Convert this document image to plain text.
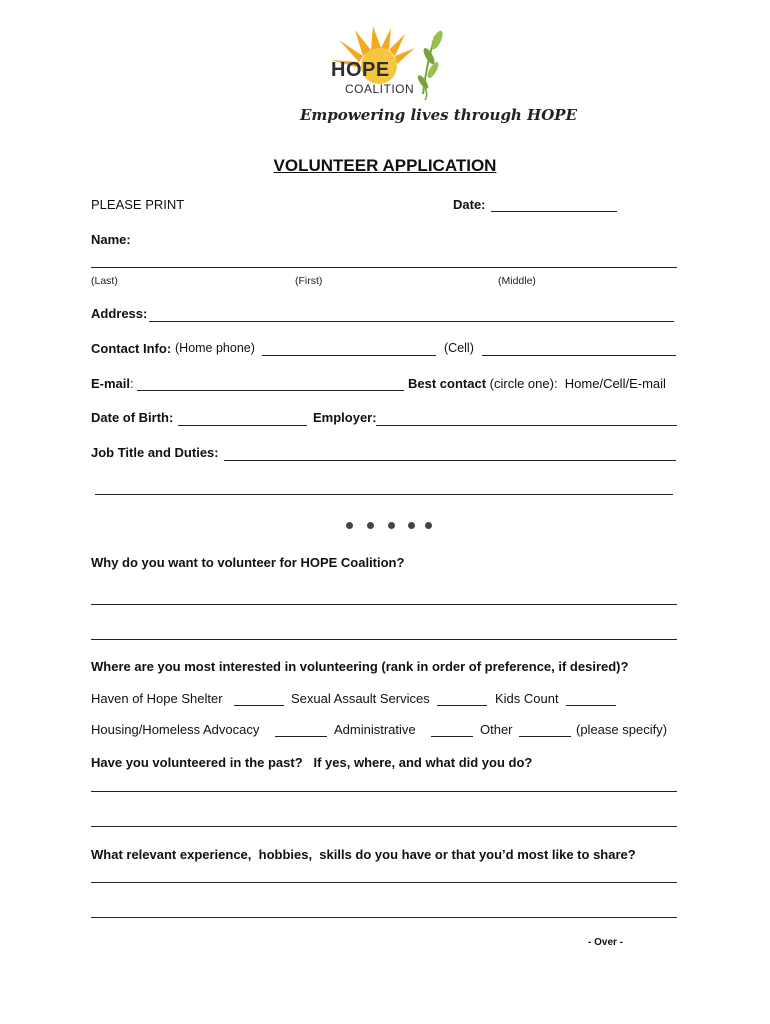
HOPE
COALITION
Empowering lives through HOPE
VOLUNTEER APPLICATION
PLEASE PRINT	Date:
Name:
(Last)	(First)	(Middle)
Address:
Contact Info: (Home phone)	(Cell)
E-mail:	Best contact (circle one):  Home/Cell/E-mail
Date of Birth:	Employer:
Job Title and Duties:
Why do you want to volunteer for HOPE Coalition?
Where are you most interested in volunteering (rank in order of preference, if desired)?
Haven of Hope Shelter	Sexual Assault Services	Kids Count
Housing/Homeless Advocacy	Administrative	Other	(please specify)
Have you volunteered in the past?   If yes, where, and what did you do?
What relevant experience,  hobbies,  skills do you have or that you’d most like to share?
- Over -
